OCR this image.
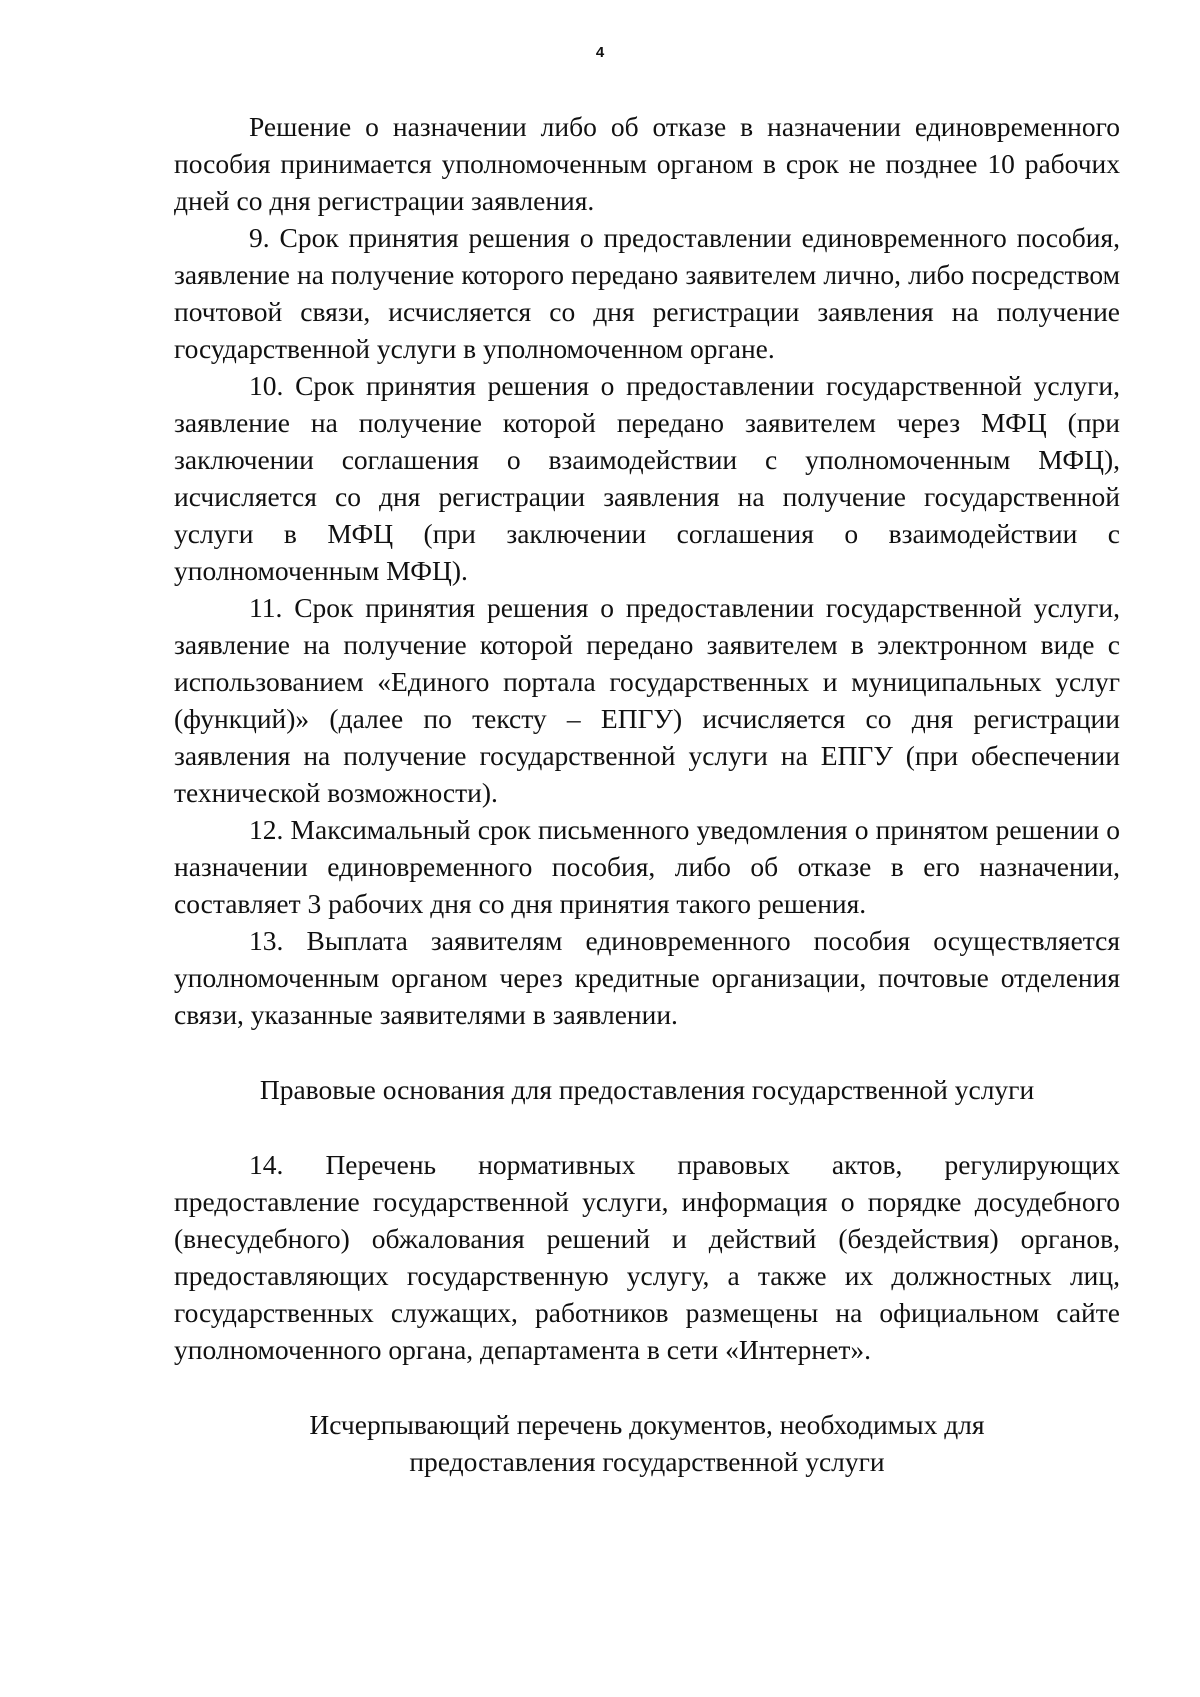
4

Решение о назначении либо об отказе в назначении единовременного пособия принимается уполномоченным органом в срок не позднее 10 рабочих дней со дня регистрации заявления.

9. Срок принятия решения о предоставлении единовременного пособия, заявление на получение которого передано заявителем лично, либо посредством почтовой связи, исчисляется со дня регистрации заявления на получение государственной услуги в уполномоченном органе.

10. Срок принятия решения о предоставлении государственной услуги, заявление на получение которой передано заявителем через МФЦ (при заключении соглашения о взаимодействии с уполномоченным МФЦ), исчисляется со дня регистрации заявления на получение государственной услуги в МФЦ (при заключении соглашения о взаимодействии с уполномоченным МФЦ).

11. Срок принятия решения о предоставлении государственной услуги, заявление на получение которой передано заявителем в электронном виде с использованием «Единого портала государственных и муниципальных услуг (функций)» (далее по тексту – ЕПГУ) исчисляется со дня регистрации заявления на получение государственной услуги на ЕПГУ (при обеспечении технической возможности).

12. Максимальный срок письменного уведомления о принятом решении о назначении единовременного пособия, либо об отказе в его назначении, составляет 3 рабочих дня со дня принятия такого решения.

13. Выплата заявителям единовременного пособия осуществляется уполномоченным органом через кредитные организации, почтовые отделения связи, указанные заявителями в заявлении.

Правовые основания для предоставления государственной услуги

14. Перечень нормативных правовых актов, регулирующих предоставление государственной услуги, информация о порядке досудебного (внесудебного) обжалования решений и действий (бездействия) органов, предоставляющих государственную услугу, а также их должностных лиц, государственных служащих, работников размещены на официальном сайте уполномоченного органа, департамента в сети «Интернет».

Исчерпывающий перечень документов, необходимых для предоставления государственной услуги
